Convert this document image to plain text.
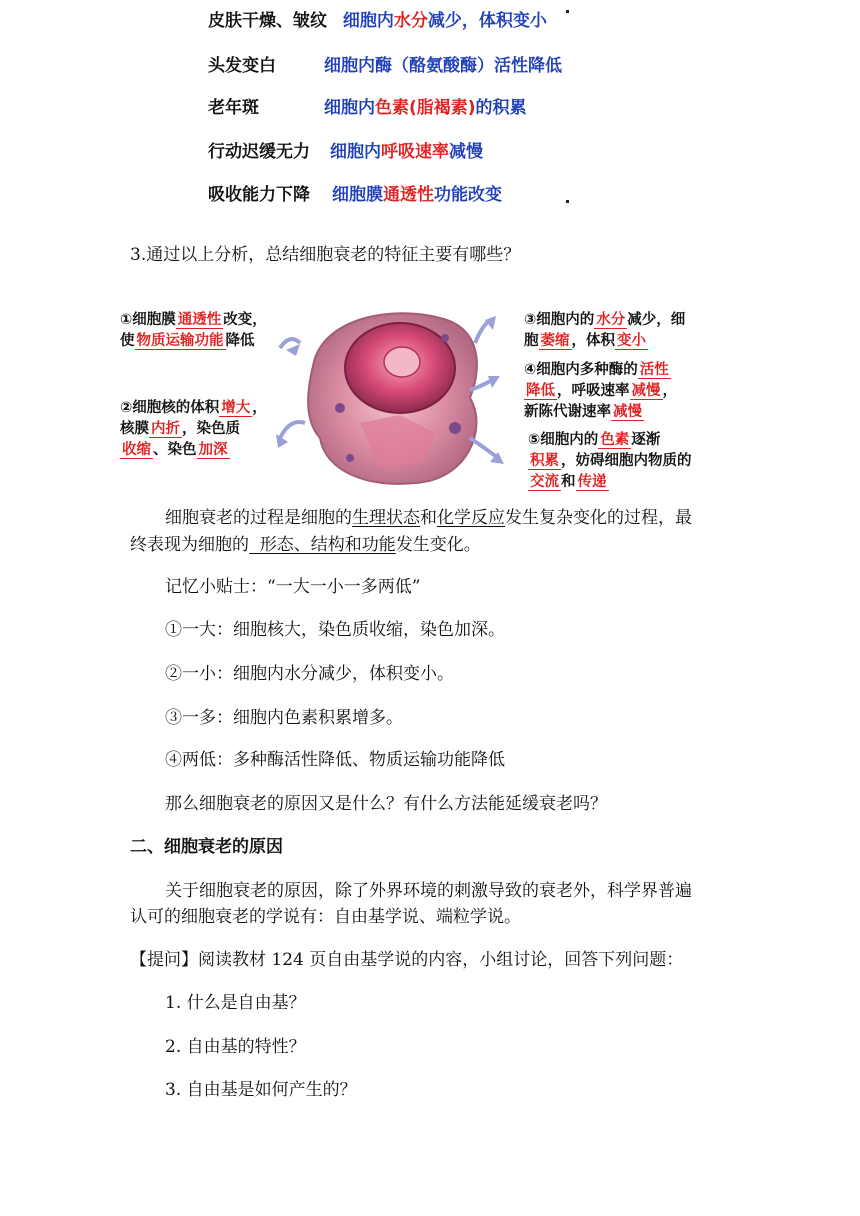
皮肤干燥、皱纹 细胞内水分减少，体积变小
头发变白	细胞内酶（酪氨酸酶）活性降低
老年斑	细胞内色素(脂褐素)的积累
行动迟缓无力 细胞内呼吸速率减慢
吸收能力下降 细胞膜通透性功能改变
3.通过以上分析，总结细胞衰老的特征主要有哪些？
①细胞膜 通透性 改变，
使 物质运输功能 降低
②细胞核的体积 增大 ，
核膜 内折 ，染色质
收缩 、染色 加深
③细胞内的 水分 减少，细
胞 萎缩 ，体积 变小
④细胞内多种酶的 活性
降低 ，呼吸速率 减慢 ，
新陈代谢速率 减慢
⑤细胞内的 色素 逐渐
积累 ，妨碍细胞内物质的
交流 和 传递
细胞衰老的过程是细胞的生理状态和化学反应发生复杂变化的过程，最
终表现为细胞的  形态、结构和功能发生变化。
记忆小贴士：“一大一小一多两低”
①一大：细胞核大，染色质收缩，染色加深。
②一小：细胞内水分减少，体积变小。
③一多：细胞内色素积累增多。
④两低：多种酶活性降低、物质运输功能降低
那么细胞衰老的原因又是什么？有什么方法能延缓衰老吗？
二、细胞衰老的原因
关于细胞衰老的原因，除了外界环境的刺激导致的衰老外，科学界普遍
认可的细胞衰老的学说有：自由基学说、端粒学说。
【提问】阅读教材 124 页自由基学说的内容，小组讨论，回答下列问题：
1. 什么是自由基？
2. 自由基的特性？
3. 自由基是如何产生的？
